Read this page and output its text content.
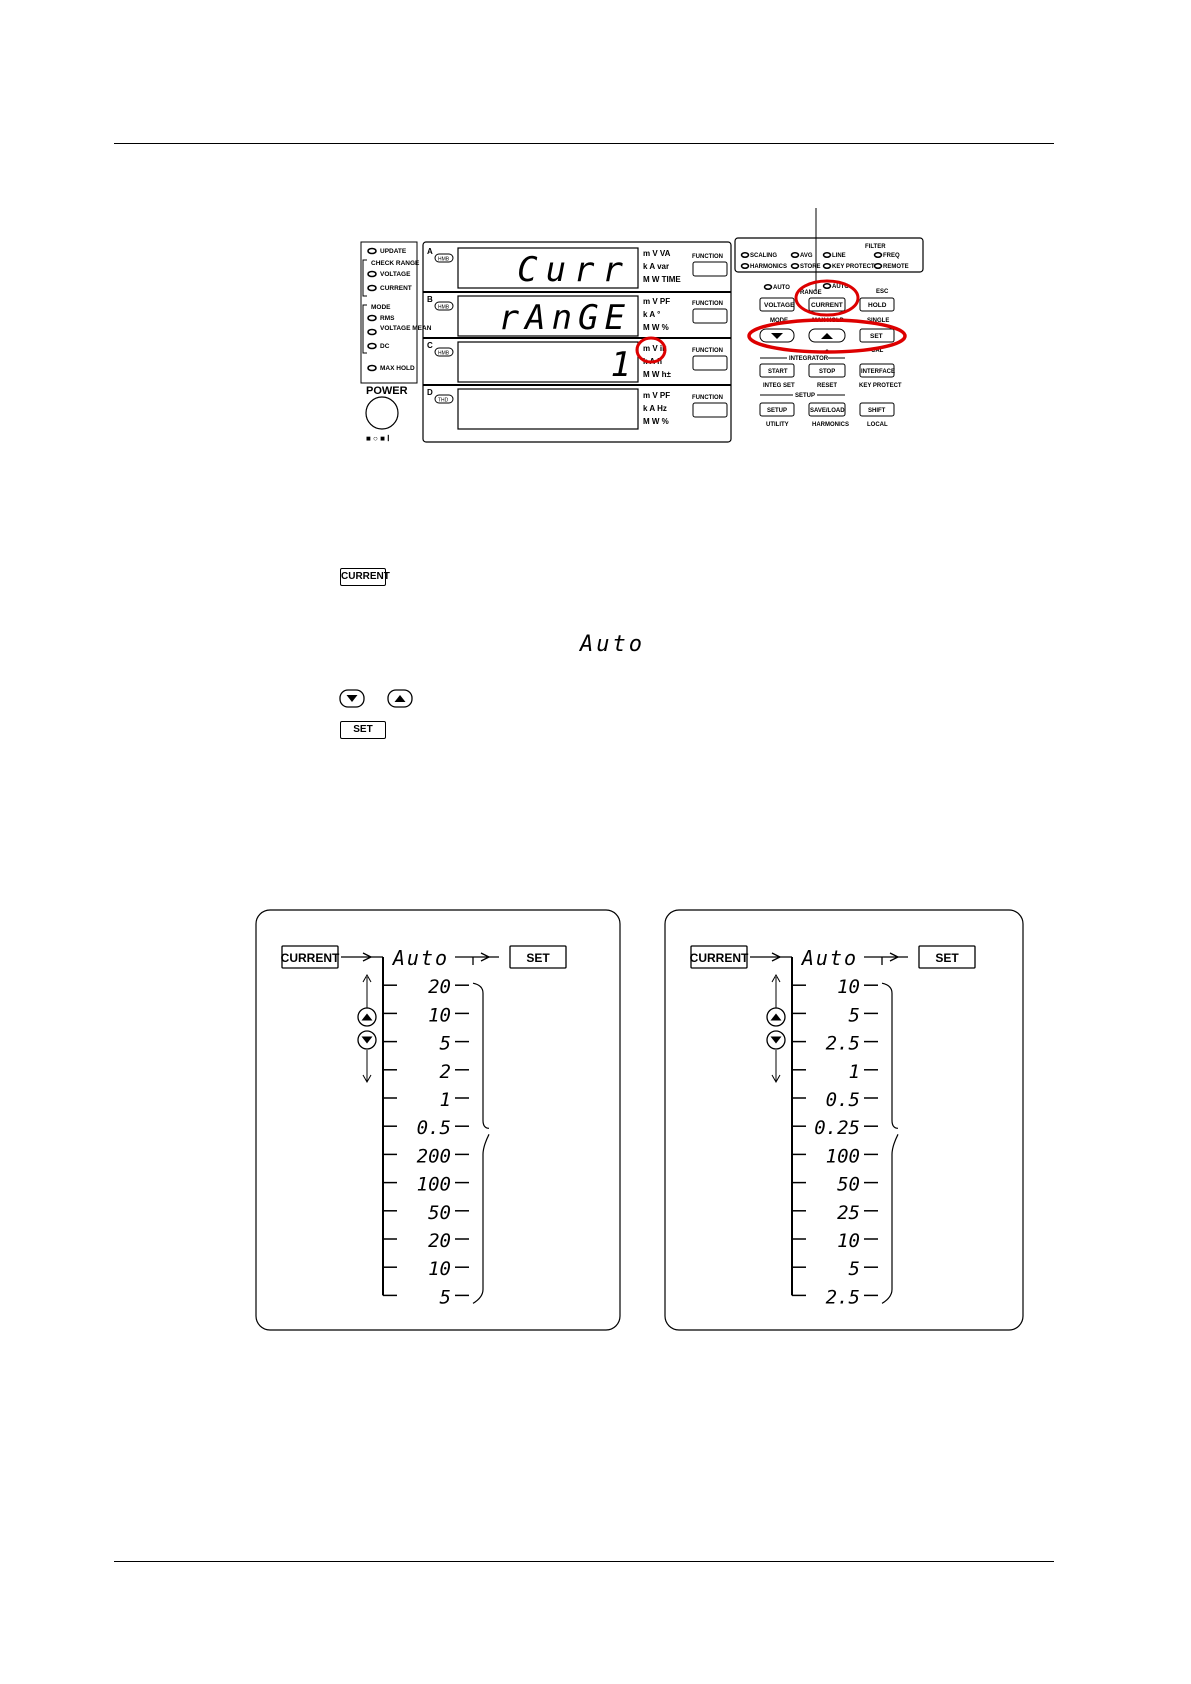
UPDATE
CHECK RANGE
VOLTAGE
CURRENT
MODE
RMS
VOLTAGE MEAN
DC
MAX HOLD
POWER
■ ○ ■ Ⅰ
A
HMB Curr m V VA
k A var
M W TIME
B
HMB rAnGE m V PF
k A °
M W %
C
HMB	1 m V ik
k A h
M W h±
D
THD
m V PF
k A Hz
M W %
FUNCTION
FUNCTION
FUNCTION
FUNCTION
FILTER
SCALING	AVG	LINE	FREQ
HARMONICS STORE KEY PROTECT REMOTE
AUTO
RANGE
AUTO
ESC
VOLTAGE	CURRENT	HOLD
MODE	MAX HOLD	SINGLE
SET
CAL
INTEGRATOR
START	STOP	INTERFACE
INTEG SET	RESET	KEY PROTECT
SETUP
SETUP	SAVE/LOAD	SHIFT
UTILITY	HARMONICS	LOCAL
CURRENT
Auto
SET
CURRENT	Auto	SET
20
10
5
2
1
0.5
200
100
50
20
10
5
CURRENT	Auto	SET
10
5
2.5
1
0.5
0.25
100
50
25
10
5
2.5
